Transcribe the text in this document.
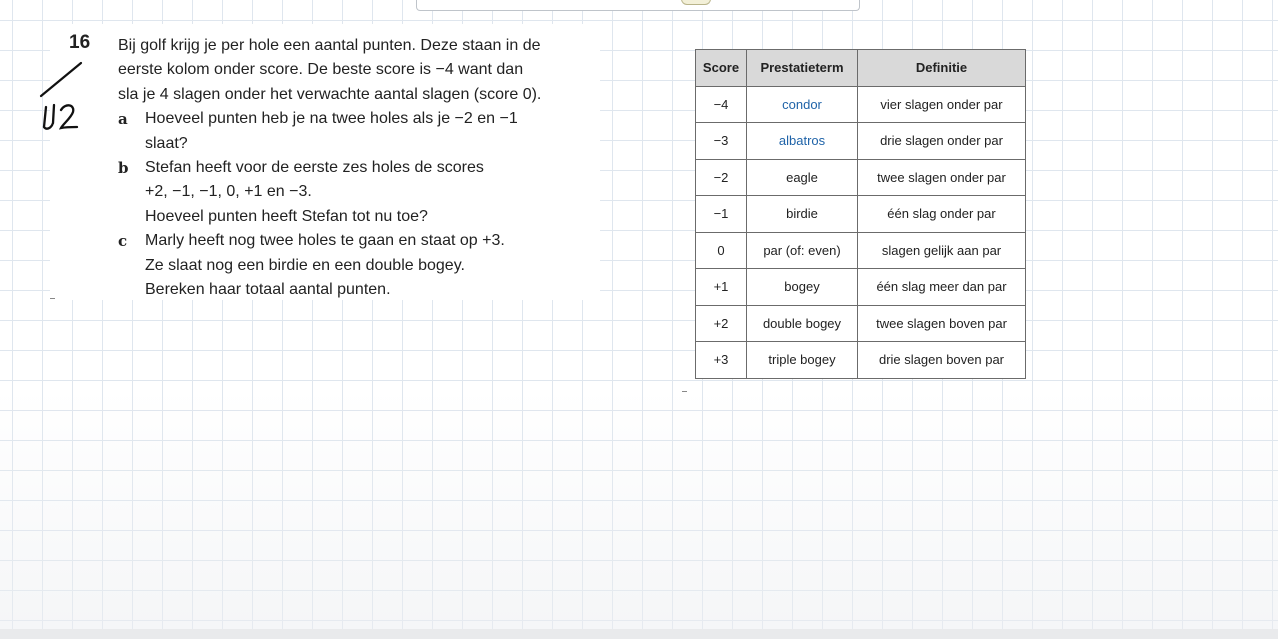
16 Bij golf krijg je per hole een aantal punten. Deze staan in de
eerste kolom onder score. De beste score is −4 want dan
sla je 4 slagen onder het verwachte aantal slagen (score 0).
a Hoeveel punten heb je na twee holes als je −2 en −1
slaat?
b Stefan heeft voor de eerste zes holes de scores
+2, −1, −1, 0, +1 en −3.
Hoeveel punten heeft Stefan tot nu toe?
c Marly heeft nog twee holes te gaan en staat op +3.
Ze slaat nog een birdie en een double bogey.
Bereken haar totaal aantal punten.
Score	Prestatieterm	Definitie
−4	condor	vier slagen onder par
−3	albatros	drie slagen onder par
−2	eagle	twee slagen onder par
−1	birdie	één slag onder par
0	par (of: even)	slagen gelijk aan par
+1	bogey	één slag meer dan par
+2	double bogey	twee slagen boven par
+3	triple bogey	drie slagen boven par
